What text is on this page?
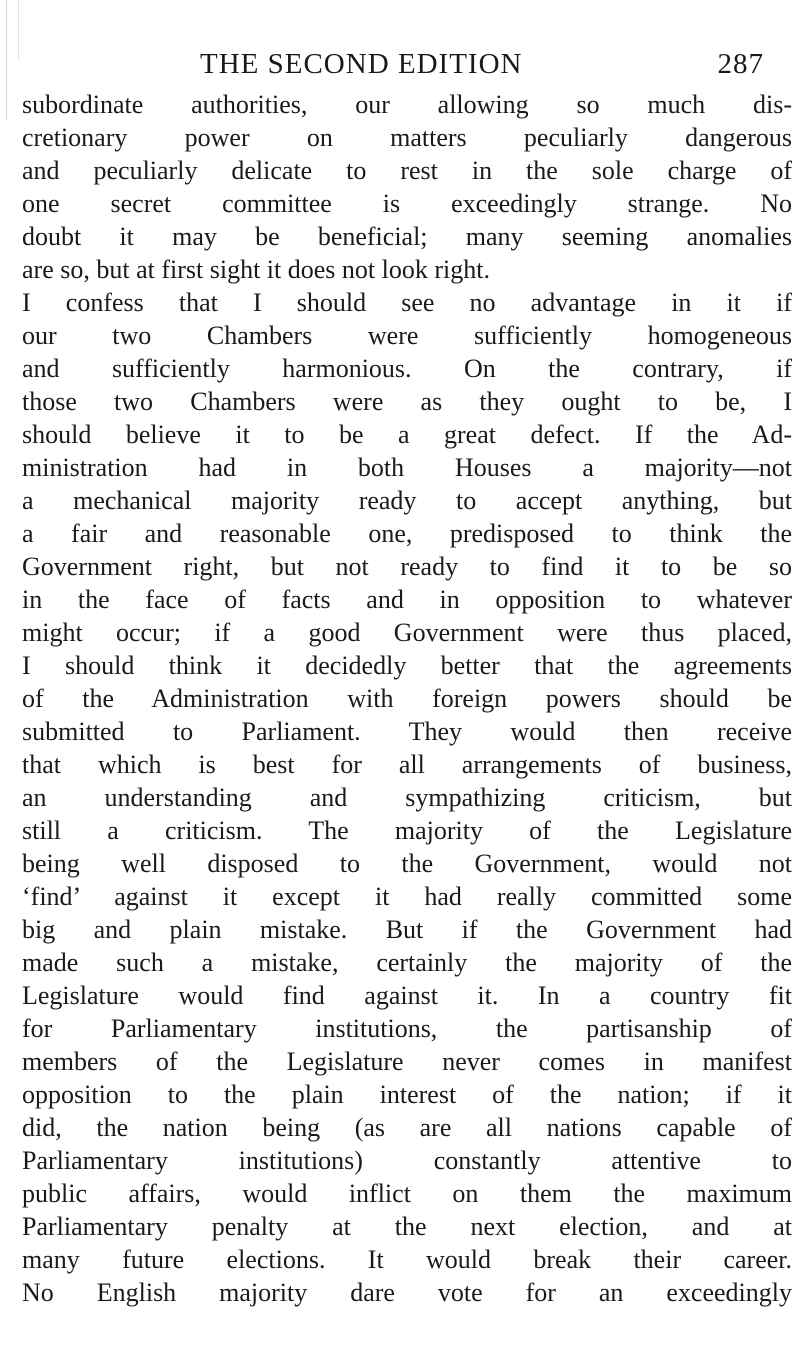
THE SECOND EDITION	287
subordinate authorities, our allowing so much dis-
cretionary power on matters peculiarly dangerous
and peculiarly delicate to rest in the sole charge of
one secret committee is exceedingly strange. No
doubt it may be beneficial; many seeming anomalies
are so, but at first sight it does not look right.
I confess that I should see no advantage in it if
our two Chambers were sufficiently homogeneous
and sufficiently harmonious. On the contrary, if
those two Chambers were as they ought to be, I
should believe it to be a great defect. If the Ad-
ministration had in both Houses a majority—not
a mechanical majority ready to accept anything, but
a fair and reasonable one, predisposed to think the
Government right, but not ready to find it to be so
in the face of facts and in opposition to whatever
might occur; if a good Government were thus placed,
I should think it decidedly better that the agreements
of the Administration with foreign powers should be
submitted to Parliament. They would then receive
that which is best for all arrangements of business,
an understanding and sympathizing criticism, but
still a criticism. The majority of the Legislature
being well disposed to the Government, would not
‘find’ against it except it had really committed some
big and plain mistake. But if the Government had
made such a mistake, certainly the majority of the
Legislature would find against it. In a country fit
for Parliamentary institutions, the partisanship of
members of the Legislature never comes in manifest
opposition to the plain interest of the nation; if it
did, the nation being (as are all nations capable of
Parliamentary institutions) constantly attentive to
public affairs, would inflict on them the maximum
Parliamentary penalty at the next election, and at
many future elections. It would break their career.
No English majority dare vote for an exceedingly
